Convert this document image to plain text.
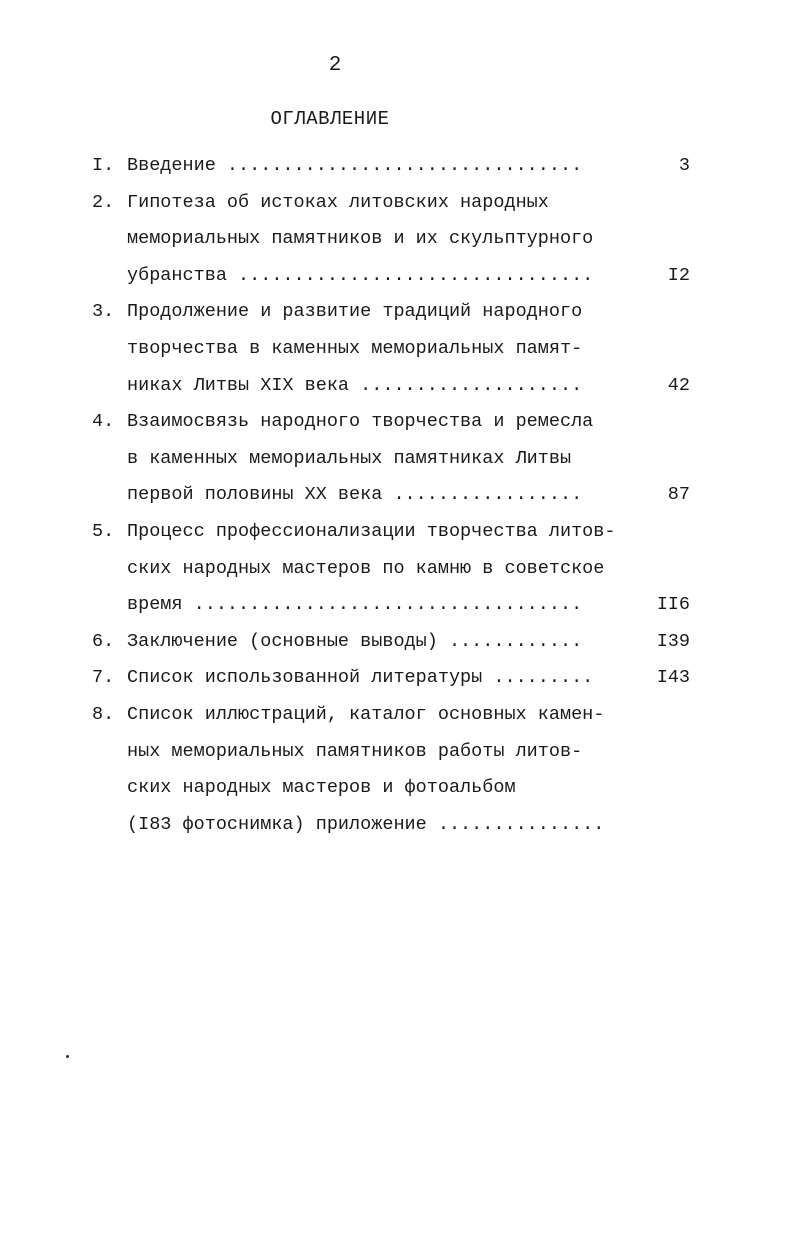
2
ОГЛАВЛЕНИЕ
I. Введение ................................	3
2. Гипотеза об истоках литовских народных
мемориальных памятников и их скульптурного
убранства ................................	I2
3. Продолжение и развитие традиций народного
творчества в каменных мемориальных памят-
никах Литвы XIX века ....................	42
4. Взаимосвязь народного творчества и ремесла
в каменных мемориальных памятниках Литвы
первой половины XX века .................	87
5. Процесс профессионализации творчества литов-
ских народных мастеров по камню в советское
время ...................................	II6
6. Заключение (основные выводы) ............	I39
7. Список использованной литературы .........	I43
8. Список иллюстраций, каталог основных камен-
ных мемориальных памятников работы литов-
ских народных мастеров и фотоальбом
(I83 фотоснимка) приложение ...............
